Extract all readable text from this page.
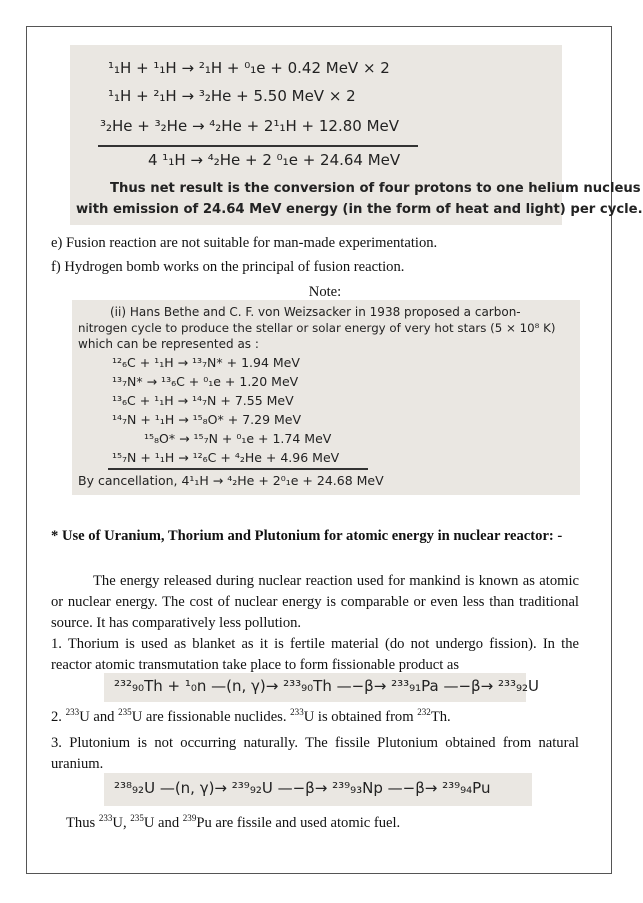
¹₁H + ¹₁H → ²₁H + ⁰₁e + 0.42 MeV × 2
¹₁H + ²₁H → ³₂He + 5.50 MeV × 2
³₂He + ³₂He → ⁴₂He + 2¹₁H + 12.80 MeV
4 ¹₁H → ⁴₂He + 2 ⁰₁e + 24.64 MeV
Thus net result is the conversion of four protons to one helium nucleus
with emission of 24.64 MeV energy (in the form of heat and light) per cycle.
e) Fusion reaction are not suitable for man-made experimentation.
f) Hydrogen bomb works on the principal of fusion reaction.
Note:
(ii) Hans Bethe and C. F. von Weizsacker in 1938 proposed a carbon-
nitrogen cycle to produce the stellar or solar energy of very hot stars (5 × 10⁸ K)
which can be represented as :
¹²₆C + ¹₁H → ¹³₇N* + 1.94 MeV
¹³₇N* → ¹³₆C + ⁰₁e + 1.20 MeV
¹³₆C + ¹₁H → ¹⁴₇N + 7.55 MeV
¹⁴₇N + ¹₁H → ¹⁵₈O* + 7.29 MeV
¹⁵₈O* → ¹⁵₇N + ⁰₁e + 1.74 MeV
¹⁵₇N + ¹₁H → ¹²₆C + ⁴₂He + 4.96 MeV
By cancellation, 4¹₁H → ⁴₂He + 2⁰₁e + 24.68 MeV
* Use of Uranium, Thorium and Plutonium for atomic energy in nuclear reactor: -
The energy released during nuclear reaction used for mankind is known as atomic or nuclear energy. The cost of nuclear energy is comparable or even less than traditional source. It has comparatively less pollution.
1. Thorium is used as blanket as it is fertile material (do not undergo fission). In the reactor atomic transmutation take place to form fissionable product as
²³²₉₀Th + ¹₀n —(n, γ)→ ²³³₉₀Th —−β→ ²³³₉₁Pa —−β→ ²³³₉₂U
2. $^{233}$U and $^{235}$U are fissionable nuclides. $^{233}$U is obtained from $^{232}$Th.
3. Plutonium is not occurring naturally. The fissile Plutonium obtained from natural uranium.
²³⁸₉₂U —(n, γ)→ ²³⁹₉₂U —−β→ ²³⁹₉₃Np —−β→ ²³⁹₉₄Pu
Thus $^{233}$U, $^{235}$U and $^{239}$Pu are fissile and used atomic fuel.
